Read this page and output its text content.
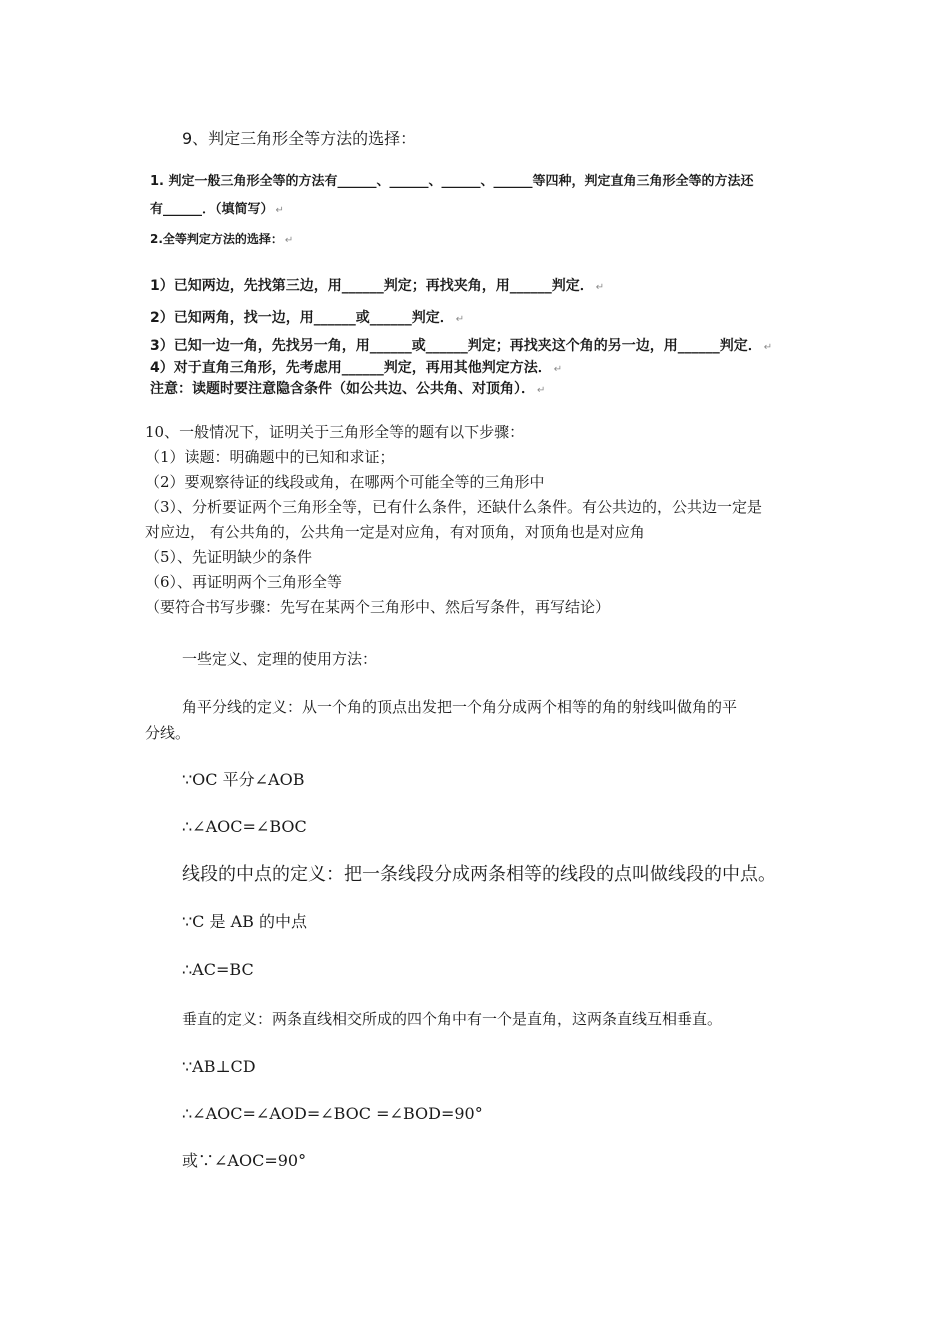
9、判定三角形全等方法的选择：
1. 判定一般三角形全等的方法有______、______、______、______等四种，判定直角三角形全等的方法还
有______．（填简写） ↵
2.全等判定方法的选择： ↵
1）已知两边，先找第三边，用______判定；再找夹角，用______判定． ↵
2）已知两角，找一边，用______或______判定． ↵
3）已知一边一角，先找另一角，用______或______判定；再找夹这个角的另一边，用______判定． ↵
4）对于直角三角形，先考虑用______判定，再用其他判定方法． ↵
注意：读题时要注意隐含条件（如公共边、公共角、对顶角）． ↵
10、一般情况下，证明关于三角形全等的题有以下步骤：
（1）读题：明确题中的已知和求证；
（2）要观察待证的线段或角，在哪两个可能全等的三角形中
（3）、分析要证两个三角形全等，已有什么条件，还缺什么条件。有公共边的，公共边一定是
对应边， 有公共角的，公共角一定是对应角，有对顶角，对顶角也是对应角
（5）、先证明缺少的条件
（6）、再证明两个三角形全等
（要符合书写步骤：先写在某两个三角形中、然后写条件，再写结论）
一些定义、定理的使用方法：
角平分线的定义：从一个角的顶点出发把一个角分成两个相等的角的射线叫做角的平
分线。
∵OC 平分∠AOB
∴∠AOC=∠BOC
线段的中点的定义：把一条线段分成两条相等的线段的点叫做线段的中点。
∵C 是 AB 的中点
∴AC=BC
垂直的定义：两条直线相交所成的四个角中有一个是直角，这两条直线互相垂直。
∵AB⊥CD
∴∠AOC=∠AOD=∠BOC =∠BOD=90°
或∵∠AOC=90°
